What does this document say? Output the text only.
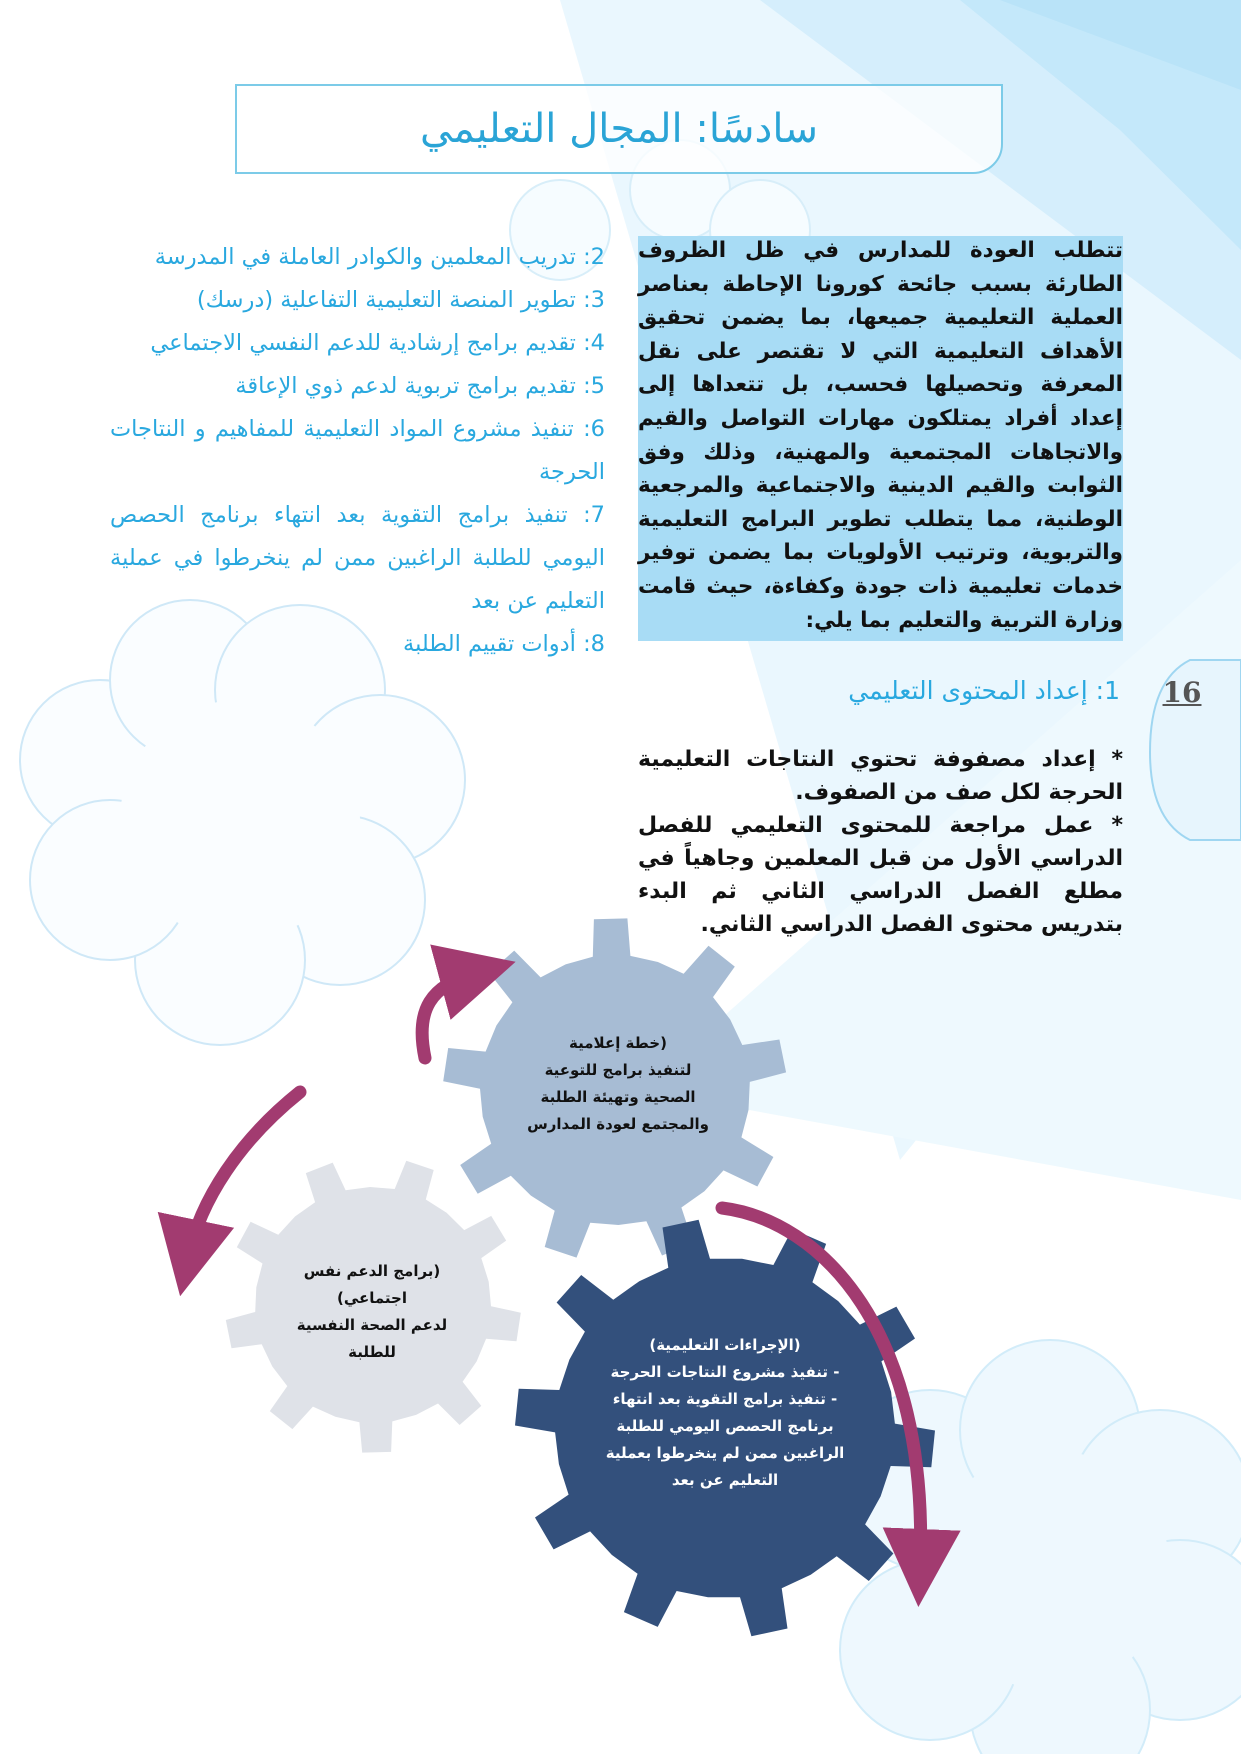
سادسًا: المجال التعليمي
تتطلب العودة للمدارس في ظل الظروف الطارئة بسبب جائحة كورونا الإحاطة بعناصر العملية التعليمية جميعها، بما يضمن تحقيق الأهداف التعليمية التي لا تقتصر على نقل المعرفة وتحصيلها فحسب، بل تتعداها إلى إعداد أفراد يمتلكون مهارات التواصل والقيم والاتجاهات المجتمعية والمهنية، وذلك وفق الثوابت والقيم الدينية والاجتماعية والمرجعية الوطنية، مما يتطلب تطوير البرامج التعليمية والتربوية، وترتيب الأولويات بما يضمن توفير خدمات تعليمية ذات جودة وكفاءة، حيث قامت وزارة التربية والتعليم بما يلي:

2: تدريب المعلمين والكوادر العاملة في المدرسة

3: تطوير المنصة التعليمية التفاعلية (درسك)

4: تقديم برامج إرشادية للدعم النفسي الاجتماعي

5: تقديم برامج تربوية لدعم ذوي الإعاقة

6: تنفيذ مشروع المواد التعليمية للمفاهيم و النتاجات الحرجة

7: تنفيذ برامج التقوية بعد انتهاء برنامج الحصص اليومي للطلبة الراغبين ممن لم ينخرطوا في عملية التعليم عن بعد

8: أدوات تقييم الطلبة

1: إعداد المحتوى التعليمي

* إعداد مصفوفة تحتوي النتاجات التعليمية الحرجة لكل صف من الصفوف.

* عمل مراجعة للمحتوى التعليمي للفصل الدراسي الأول من قبل المعلمين وجاهياً في مطلع الفصل الدراسي الثاني ثم البدء بتدريس محتوى الفصل الدراسي الثاني.

16

(خطة إعلامية

لتنفيذ برامج للتوعية

الصحية وتهيئة الطلبة

والمجتمع لعودة المدارس

(برامج الدعم نفس

اجتماعي)

لدعم الصحة النفسية

للطلبة	(الإجراءات التعليمية)

- تنفيذ مشروع النتاجات الحرجة

- تنفيذ برامج التقوية بعد انتهاء

برنامج الحصص اليومي للطلبة

الراغبين ممن لم ينخرطوا بعملية

التعليم عن بعد
